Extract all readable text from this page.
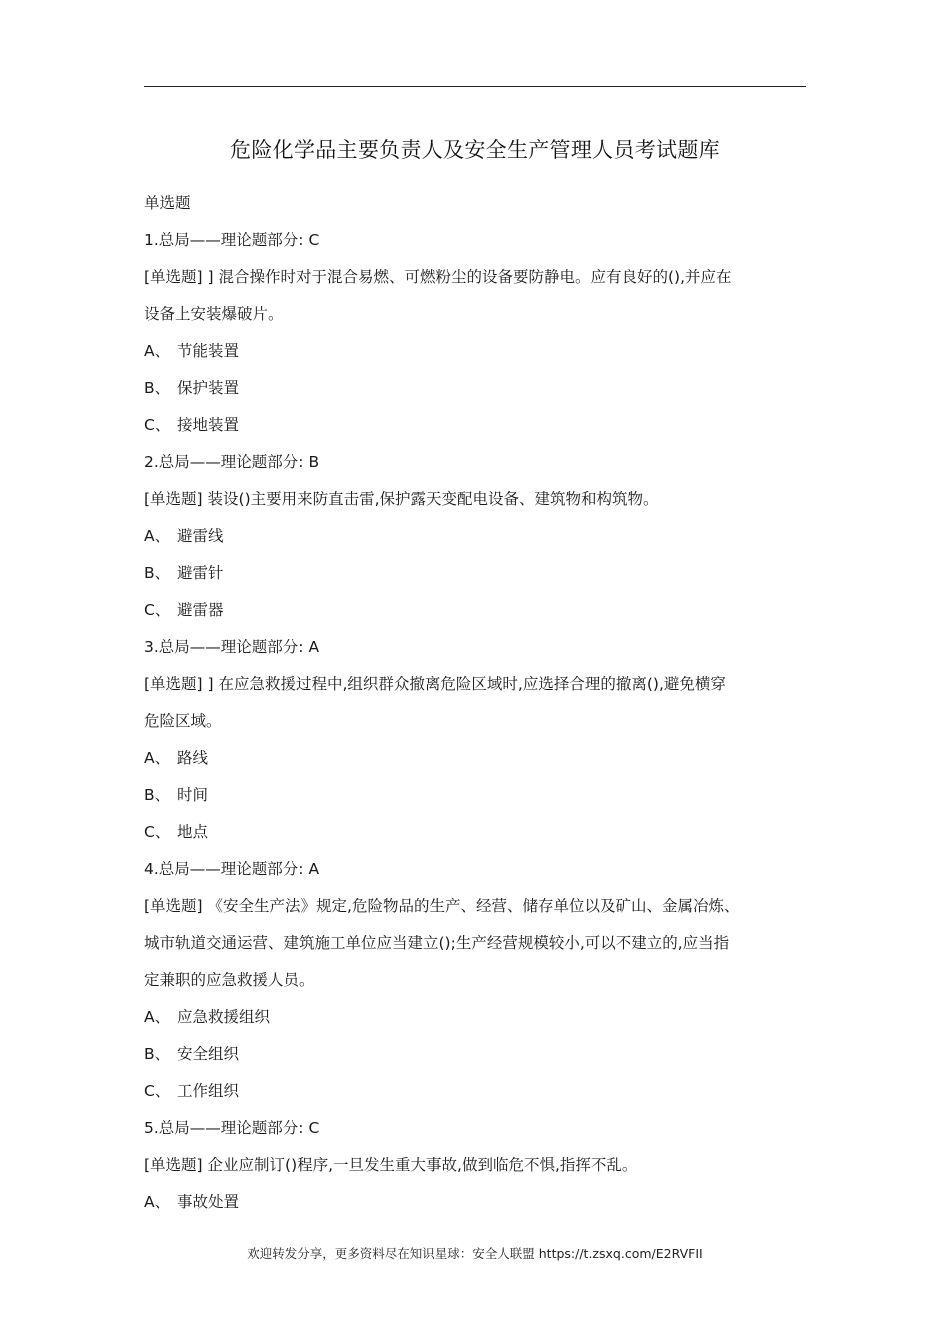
危险化学品主要负责人及安全生产管理人员考试题库
单选题
1.总局——理论题部分: C
[单选题] ] 混合操作时对于混合易燃、可燃粉尘的设备要防静电。应有良好的(),并应在
设备上安装爆破片。
A、 节能装置
B、 保护装置
C、 接地装置
2.总局——理论题部分: B
[单选题] 装设()主要用来防直击雷,保护露天变配电设备、建筑物和构筑物。
A、 避雷线
B、 避雷针
C、 避雷器
3.总局——理论题部分: A
[单选题] ] 在应急救援过程中,组织群众撤离危险区域时,应选择合理的撤离(),避免横穿
危险区域。
A、 路线
B、 时间
C、 地点
4.总局——理论题部分: A
[单选题] 《安全生产法》规定,危险物品的生产、经营、储存单位以及矿山、金属冶炼、
城市轨道交通运营、建筑施工单位应当建立();生产经营规模较小,可以不建立的,应当指
定兼职的应急救援人员。
A、 应急救援组织
B、 安全组织
C、 工作组织
5.总局——理论题部分: C
[单选题] 企业应制订()程序,一旦发生重大事故,做到临危不惧,指挥不乱。
A、 事故处置
欢迎转发分享，更多资料尽在知识星球：安全人联盟 https://t.zsxq.com/E2RVFII
